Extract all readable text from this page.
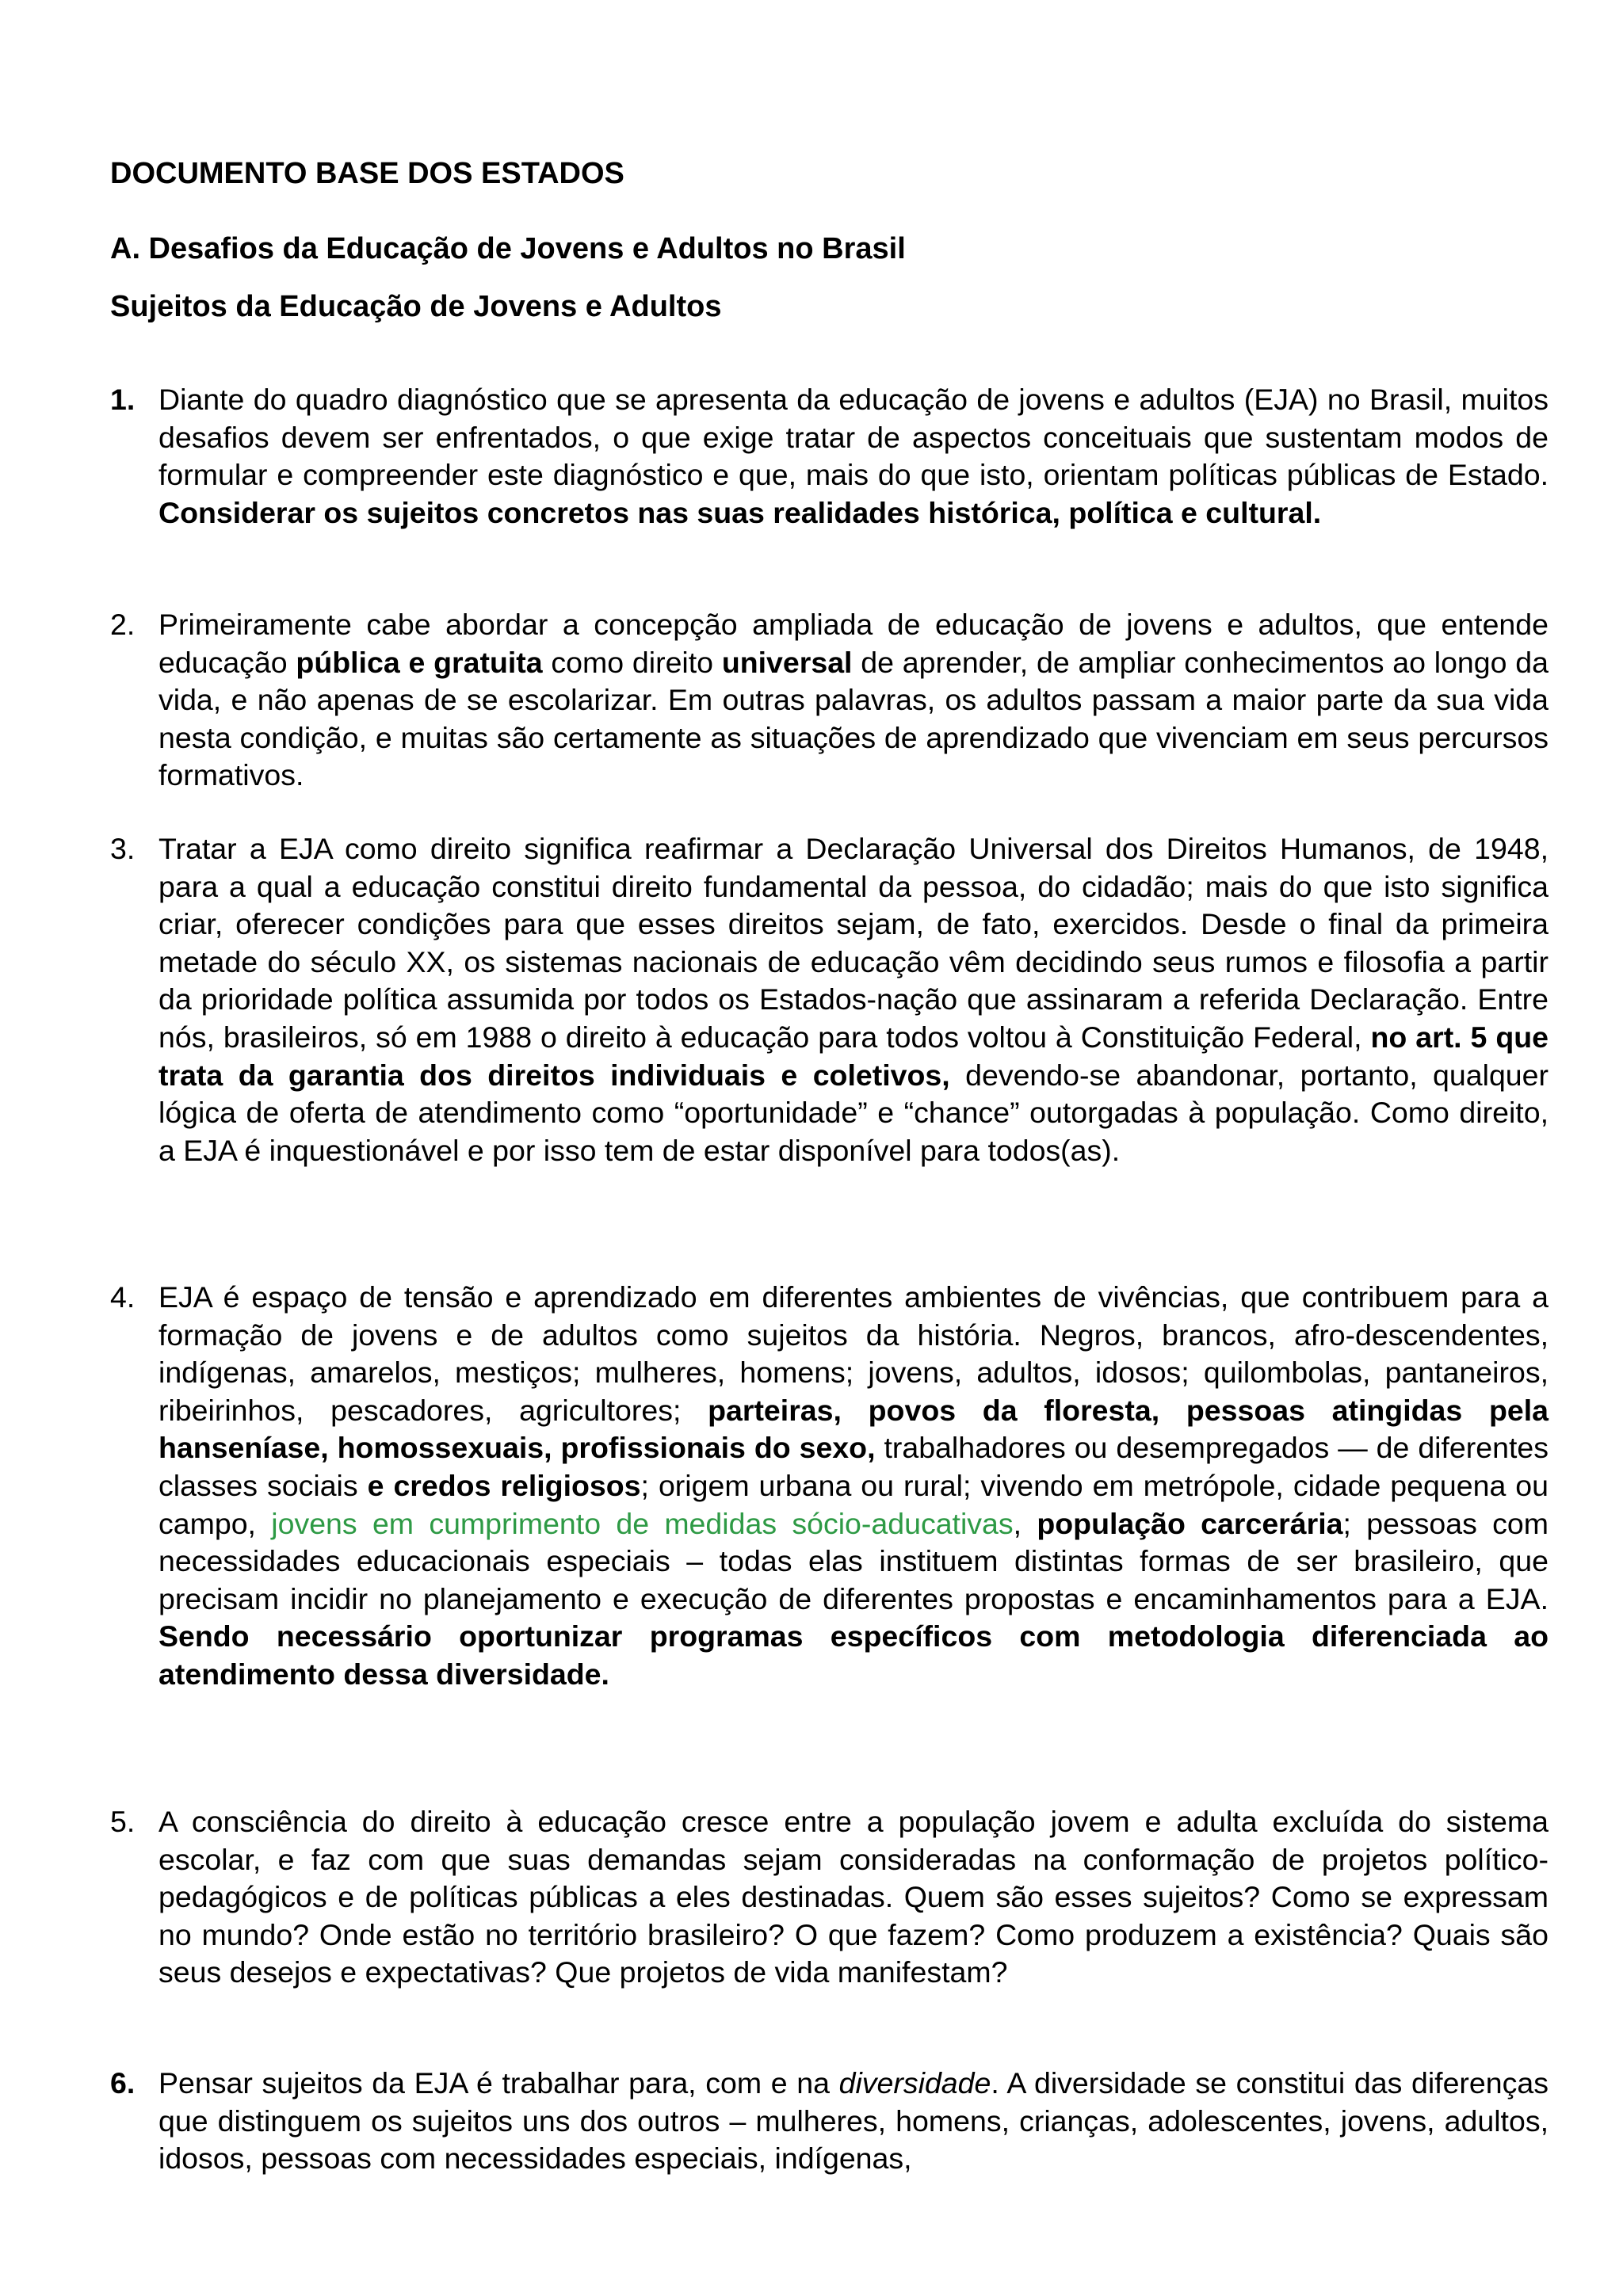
DOCUMENTO BASE DOS ESTADOS
A. Desafios da Educação de Jovens e Adultos no Brasil
Sujeitos da Educação de Jovens e Adultos
1. Diante do quadro diagnóstico que se apresenta da educação de jovens e adultos (EJA) no Brasil, muitos desafios devem ser enfrentados, o que exige tratar de aspectos conceituais que sustentam modos de formular e compreender este diagnóstico e que, mais do que isto, orientam políticas públicas de Estado. Considerar os sujeitos concretos nas suas realidades histórica, política e cultural.
2. Primeiramente cabe abordar a concepção ampliada de educação de jovens e adultos, que entende educação pública e gratuita como direito universal de aprender, de ampliar conhecimentos ao longo da vida, e não apenas de se escolarizar. Em outras palavras, os adultos passam a maior parte da sua vida nesta condição, e muitas são certamente as situações de aprendizado que vivenciam em seus percursos formativos.
3. Tratar a EJA como direito significa reafirmar a Declaração Universal dos Direitos Humanos, de 1948, para a qual a educação constitui direito fundamental da pessoa, do cidadão; mais do que isto significa criar, oferecer condições para que esses direitos sejam, de fato, exercidos. Desde o final da primeira metade do século XX, os sistemas nacionais de educação vêm decidindo seus rumos e filosofia a partir da prioridade política assumida por todos os Estados-nação que assinaram a referida Declaração. Entre nós, brasileiros, só em 1988 o direito à educação para todos voltou à Constituição Federal, no art. 5 que trata da garantia dos direitos individuais e coletivos, devendo-se abandonar, portanto, qualquer lógica de oferta de atendimento como “oportunidade” e “chance” outorgadas à população. Como direito, a EJA é inquestionável e por isso tem de estar disponível para todos(as).
4. EJA é espaço de tensão e aprendizado em diferentes ambientes de vivências, que contribuem para a formação de jovens e de adultos como sujeitos da história. Negros, brancos, afro-descendentes, indígenas, amarelos, mestiços; mulheres, homens; jovens, adultos, idosos; quilombolas, pantaneiros, ribeirinhos, pescadores, agricultores; parteiras, povos da floresta, pessoas atingidas pela hanseníase, homossexuais, profissionais do sexo, trabalhadores ou desempregados — de diferentes classes sociais e credos religiosos; origem urbana ou rural; vivendo em metrópole, cidade pequena ou campo, jovens em cumprimento de medidas sócio-aducativas, população carcerária; pessoas com necessidades educacionais especiais – todas elas instituem distintas formas de ser brasileiro, que precisam incidir no planejamento e execução de diferentes propostas e encaminhamentos para a EJA. Sendo necessário oportunizar programas específicos com metodologia diferenciada ao atendimento dessa diversidade.
5. A consciência do direito à educação cresce entre a população jovem e adulta excluída do sistema escolar, e faz com que suas demandas sejam consideradas na conformação de projetos político-pedagógicos e de políticas públicas a eles destinadas. Quem são esses sujeitos? Como se expressam no mundo? Onde estão no território brasileiro? O que fazem? Como produzem a existência? Quais são seus desejos e expectativas? Que projetos de vida manifestam?
6. Pensar sujeitos da EJA é trabalhar para, com e na diversidade. A diversidade se constitui das diferenças que distinguem os sujeitos uns dos outros – mulheres, homens, crianças, adolescentes, jovens, adultos, idosos, pessoas com necessidades especiais, indígenas,
